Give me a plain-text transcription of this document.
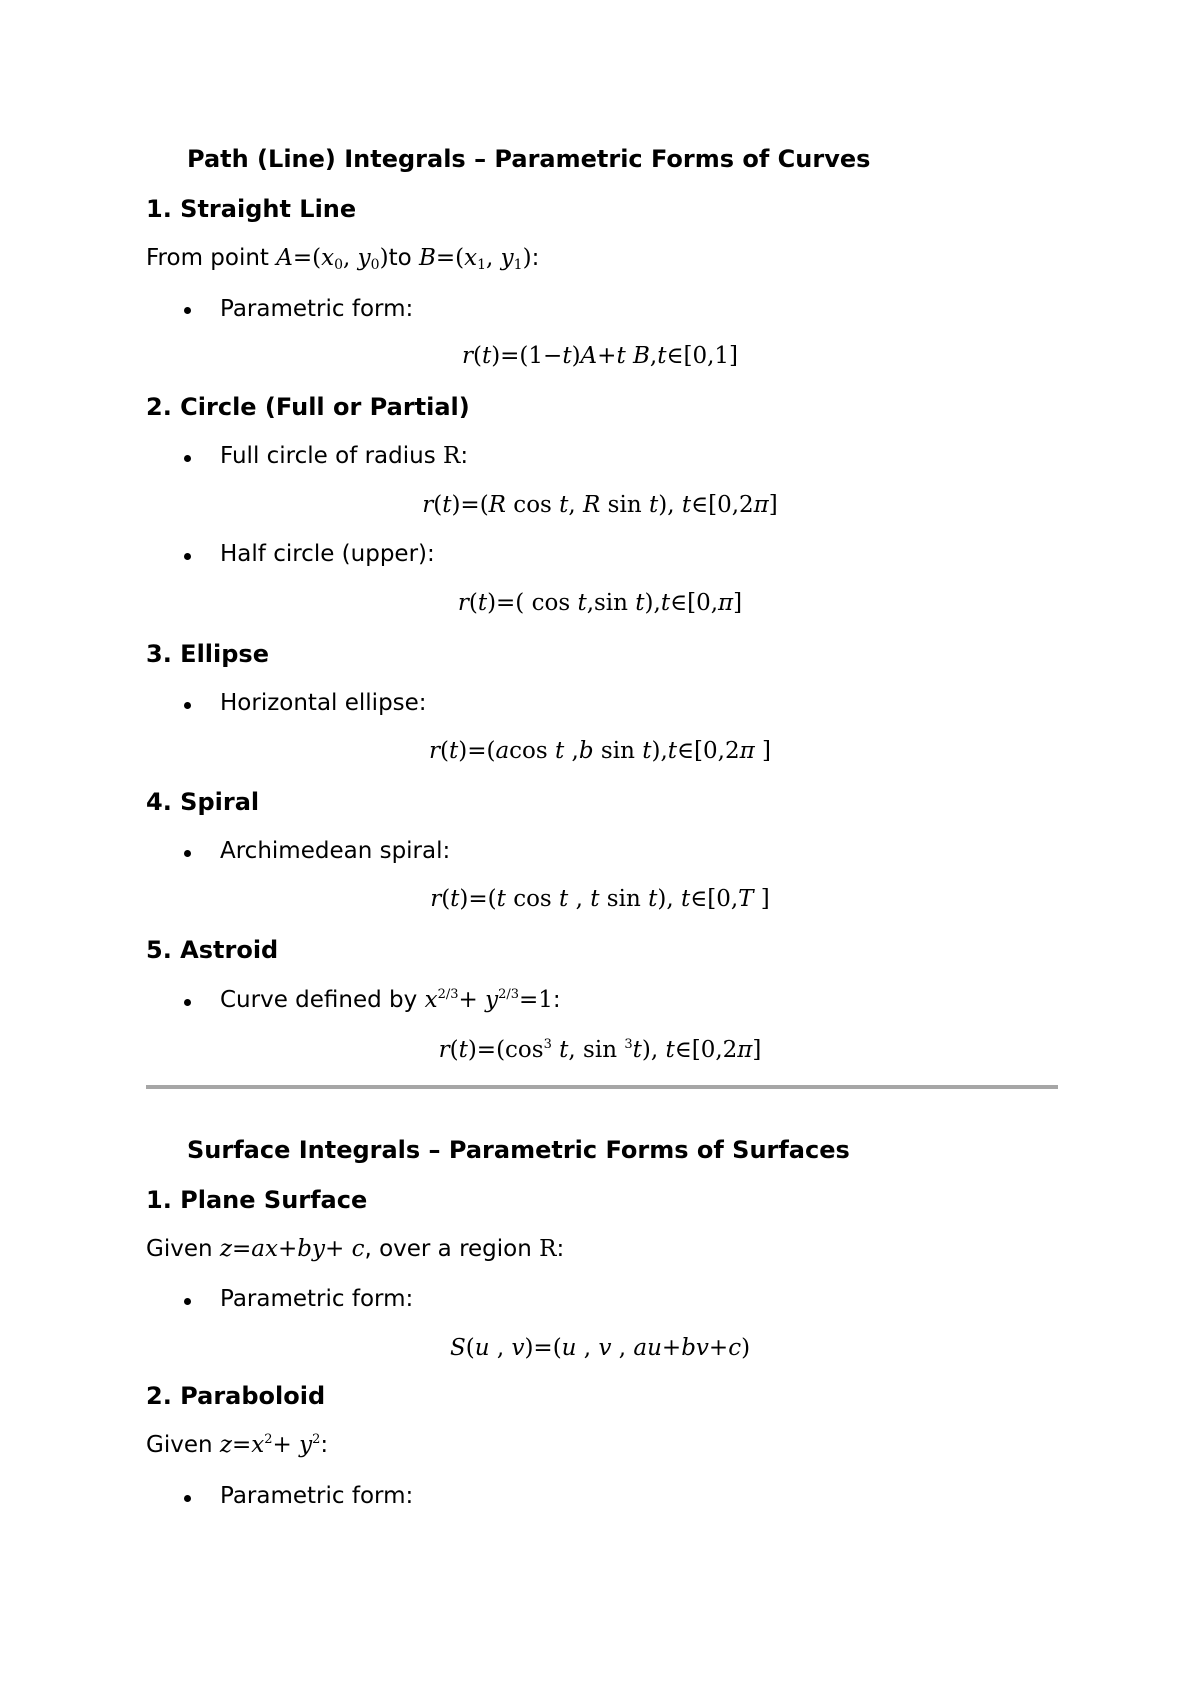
Path (Line) Integrals – Parametric Forms of Curves
1. Straight Line
From point $A=(x_0$, $y_0)to$ $B=(x_1$, $y_1$):
Parametric form:
r(t)=(1−t)A+t B,t∈[0,1]
2. Circle (Full or Partial)
Full circle of radius R:
r(t)=(R cos t, R sin t), t∈[0,2π]
Half circle (upper):
r(t)=( cos t,sin t),t∈[0,π]
3. Ellipse
Horizontal ellipse:
r(t)=(acos t ,b sin t),t∈[0,2π ]
4. Spiral
Archimedean spiral:
r(t)=(t cos t , t sin t), t∈[0,T ]
5. Astroid
Curve defined by $x^{2/3}+ y^{2/3}=1$:
$r(t)=(\cos^3$ t, sin $^3$t), t∈[0,2π]
Surface Integrals – Parametric Forms of Surfaces
1. Plane Surface
Given z=ax+by+ c, over a region R:
Parametric form:
S(u , v)=(u , v , au+bv+c)
2. Paraboloid
Given $z=x^2+ y^2$:
Parametric form:
